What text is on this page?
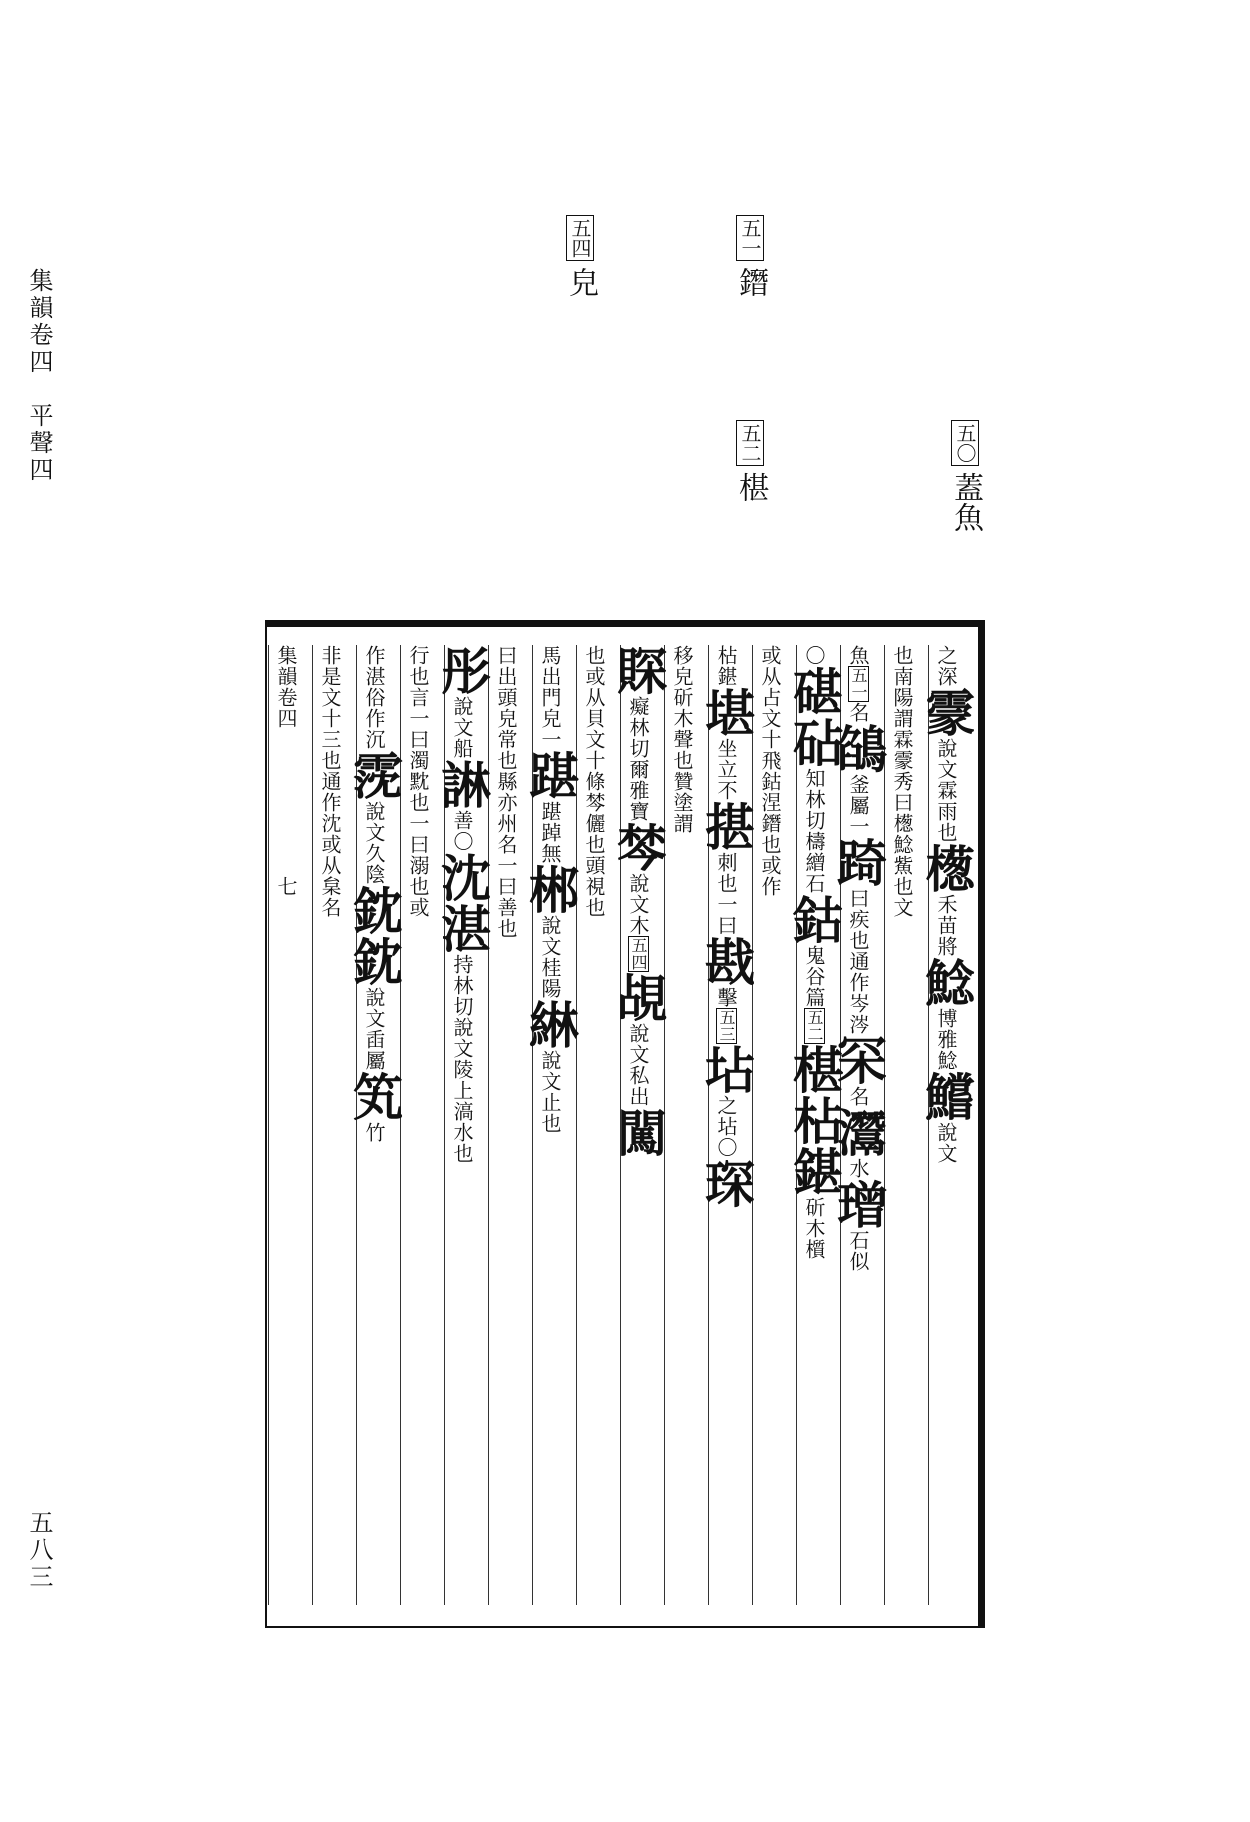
集韻卷四　平聲四
五八三
五〇蓋魚
五一鐕
五二椹
五四皃
之深霥說文霖雨也檧禾苗將鯰博雅鯰鱨說文
也南陽謂霖霥秀曰檧鯰鮆也文
魚五一名鵮釜屬一踦曰疾也通作岑涔罙名灊水璔石似
〇碪砧知林切檮繒石鈷鬼谷篇五二椹枮鍖斫木櫍
或从占文十飛鈷涅鐕也或作
枮鍖堪坐立不揕刺也一曰戡擊五三坫之坫〇琛
移皃斫木聲也贊塗謂
賝癡林切爾雅寶棽說文木五四覘說文私出闖
也或从貝文十條棽儷也頭視也
馬出門皃一踸踸踔無郴說文桂陽綝說文止也
曰出頭皃常也縣亦州名一曰善也
彤說文船諃善〇沈湛持林切說文陵上滈水也
行也言一曰濁黕也一曰溺也或
作湛俗作沉霃說文久陰鈂鈂說文臿屬笂竹
非是文十三也通作沈或从枲名
集韻卷四　　　　　　　七
